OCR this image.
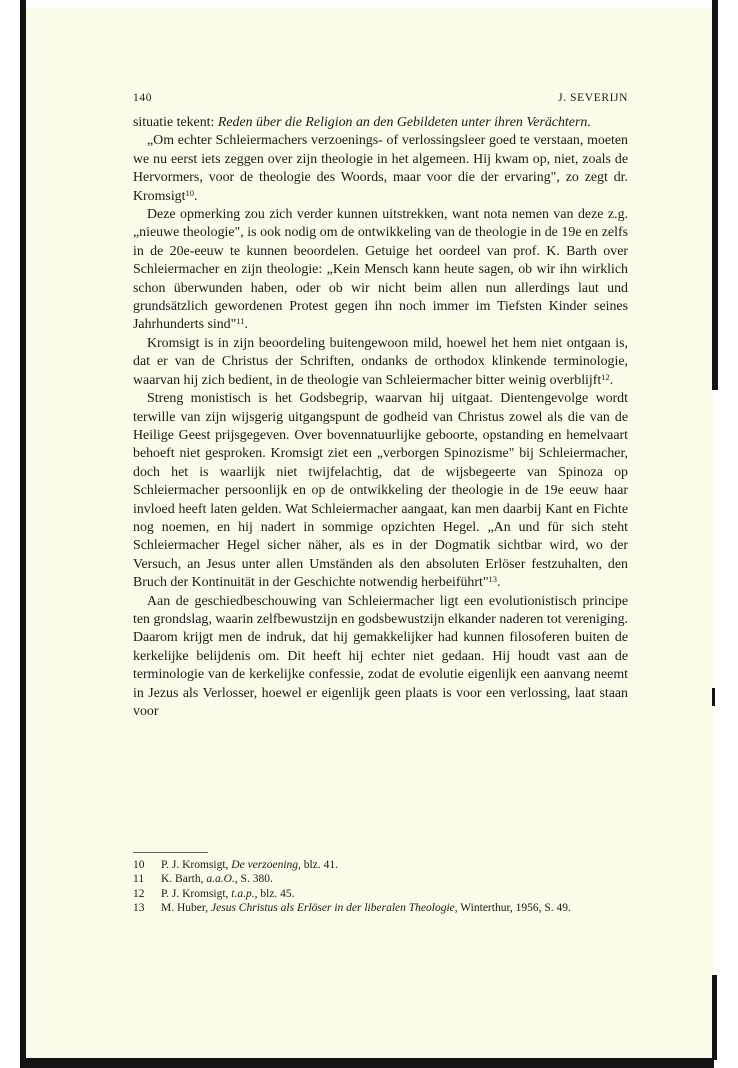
140	J. SEVERIJN

situatie tekent: Reden über die Religion an den Gebildeten unter ihren Verächtern.

„Om echter Schleiermachers verzoenings- of verlossingsleer goed te verstaan, moeten we nu eerst iets zeggen over zijn theologie in het algemeen. Hij kwam op, niet, zoals de Hervormers, voor de theologie des Woords, maar voor die der ervaring", zo zegt dr. Kromsigt$^{10}$.

Deze opmerking zou zich verder kunnen uitstrekken, want nota nemen van deze z.g. „nieuwe theologie", is ook nodig om de ontwikkeling van de theologie in de 19e en zelfs in de 20e-eeuw te kunnen beoordelen. Getuige het oordeel van prof. K. Barth over Schleiermacher en zijn theologie: „Kein Mensch kann heute sagen, ob wir ihn wirklich schon überwunden haben, oder ob wir nicht beim allen nun allerdings laut und grundsätzlich gewordenen Protest gegen ihn noch immer im Tiefsten Kinder seines Jahrhunderts sind"$^{11}$.

Kromsigt is in zijn beoordeling buitengewoon mild, hoewel het hem niet ontgaan is, dat er van de Christus der Schriften, ondanks de orthodox klinkende terminologie, waarvan hij zich bedient, in de theologie van Schleiermacher bitter weinig overblijft$^{12}$.

Streng monistisch is het Godsbegrip, waarvan hij uitgaat. Dientengevolge wordt terwille van zijn wijsgerig uitgangspunt de godheid van Christus zowel als die van de Heilige Geest prijsgegeven. Over bovennatuurlijke geboorte, opstanding en hemelvaart behoeft niet gesproken. Kromsigt ziet een „verborgen Spinozisme" bij Schleiermacher, doch het is waarlijk niet twijfelachtig, dat de wijsbegeerte van Spinoza op Schleiermacher persoonlijk en op de ontwikkeling der theologie in de 19e eeuw haar invloed heeft laten gelden. Wat Schleiermacher aangaat, kan men daarbij Kant en Fichte nog noemen, en hij nadert in sommige opzichten Hegel. „An und für sich steht Schleiermacher Hegel sicher näher, als es in der Dogmatik sichtbar wird, wo der Versuch, an Jesus unter allen Umständen als den absoluten Erlöser festzuhalten, den Bruch der Kontinuität in der Geschichte notwendig herbeiführt"$^{13}$.

Aan de geschiedbeschouwing van Schleiermacher ligt een evolutionistisch principe ten grondslag, waarin zelfbewustzijn en godsbewustzijn elkander naderen tot vereniging. Daarom krijgt men de indruk, dat hij gemakkelijker had kunnen filosoferen buiten de kerkelijke belijdenis om. Dit heeft hij echter niet gedaan. Hij houdt vast aan de terminologie van de kerkelijke confessie, zodat de evolutie eigenlijk een aanvang neemt in Jezus als Verlosser, hoewel er eigenlijk geen plaats is voor een verlossing, laat staan voor

10	P. J. Kromsigt, De verzoening, blz. 41.
11	K. Barth, a.a.O., S. 380.
12	P. J. Kromsigt, t.a.p., blz. 45.
13	M. Huber, Jesus Christus als Erlöser in der liberalen Theologie, Winterthur, 1956, S. 49.
